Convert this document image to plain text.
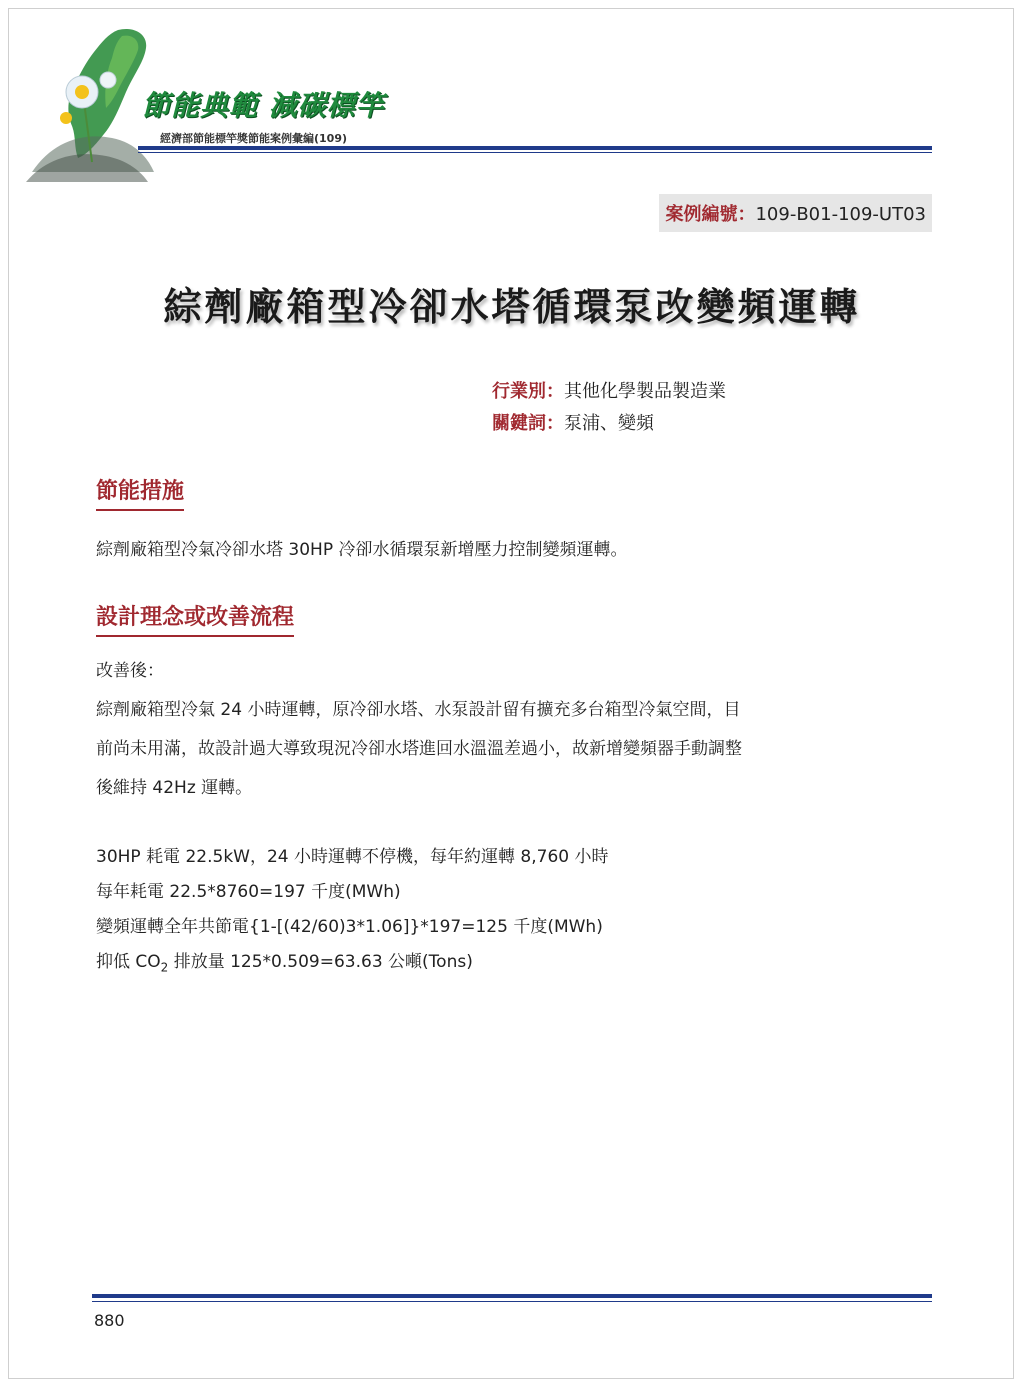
節能典範 減碳標竿
經濟部節能標竿獎節能案例彙編(109)
案例編號：109-B01-109-UT03
綜劑廠箱型冷卻水塔循環泵改變頻運轉
行業別：其他化學製品製造業
關鍵詞：泵浦、變頻
節能措施
綜劑廠箱型冷氣冷卻水塔 30HP 冷卻水循環泵新增壓力控制變頻運轉。
設計理念或改善流程
改善後：
綜劑廠箱型冷氣 24 小時運轉，原冷卻水塔、水泵設計留有擴充多台箱型冷氣空間，目
前尚未用滿，故設計過大導致現況冷卻水塔進回水溫溫差過小，故新增變頻器手動調整
後維持 42Hz 運轉。
30HP 耗電 22.5kW，24 小時運轉不停機，每年約運轉 8,760 小時
每年耗電 22.5*8760=197 千度(MWh)
變頻運轉全年共節電{1-[(42/60)3*1.06]}*197=125 千度(MWh)
抑低 $CO_2$ 排放量 125*0.509=63.63 公噸(Tons)
880
